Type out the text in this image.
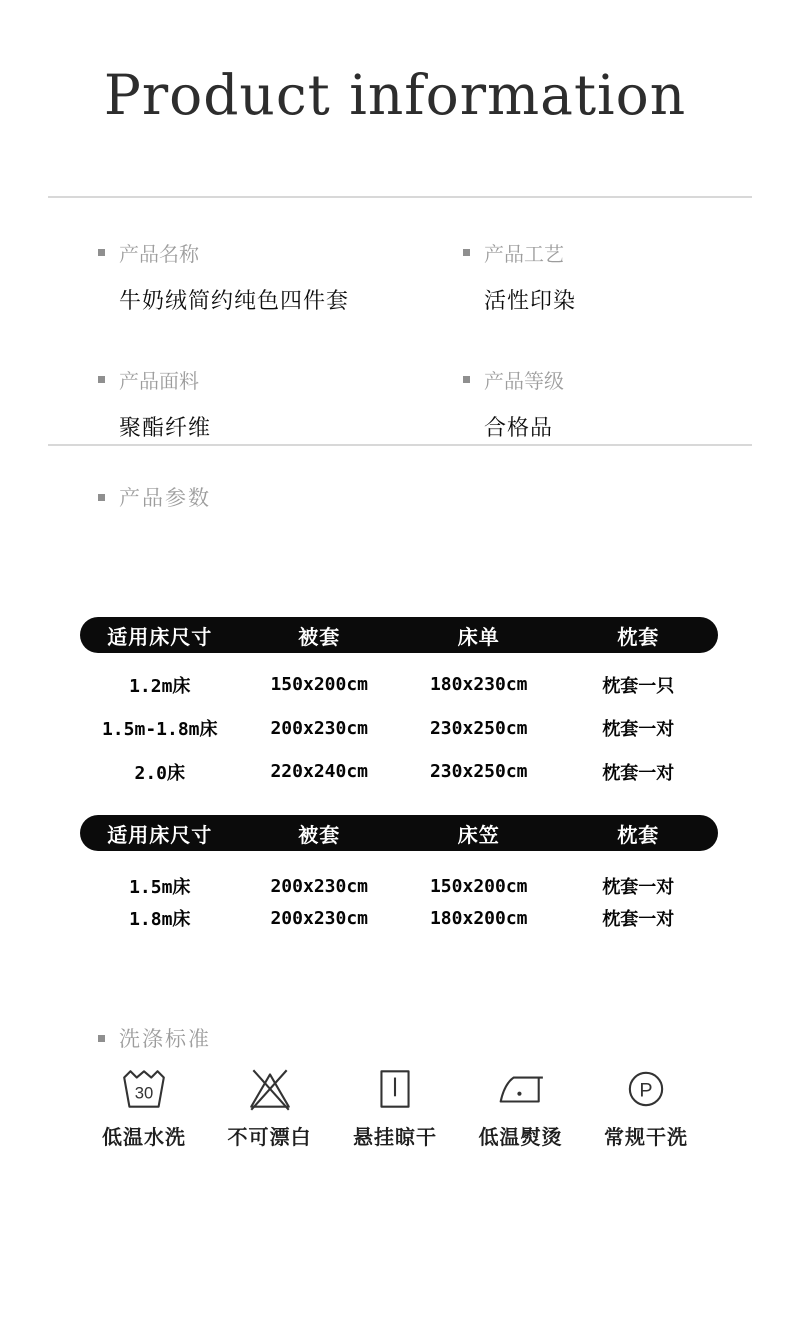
Product information
产品名称
牛奶绒简约纯色四件套
产品工艺
活性印染
产品面料
聚酯纤维
产品等级
合格品
产品参数
适用床尺寸	被套	床单	枕套
1.2m床	150x200cm	180x230cm	枕套一只
1.5m-1.8m床	200x230cm	230x250cm	枕套一对
2.0床	220x240cm	230x250cm	枕套一对
适用床尺寸	被套	床笠	枕套
1.5m床	200x230cm	150x200cm	枕套一对
1.8m床	200x230cm	180x200cm	枕套一对
洗涤标准
30
低温水洗 不可漂白 悬挂晾干 低温熨烫
P
常规干洗
